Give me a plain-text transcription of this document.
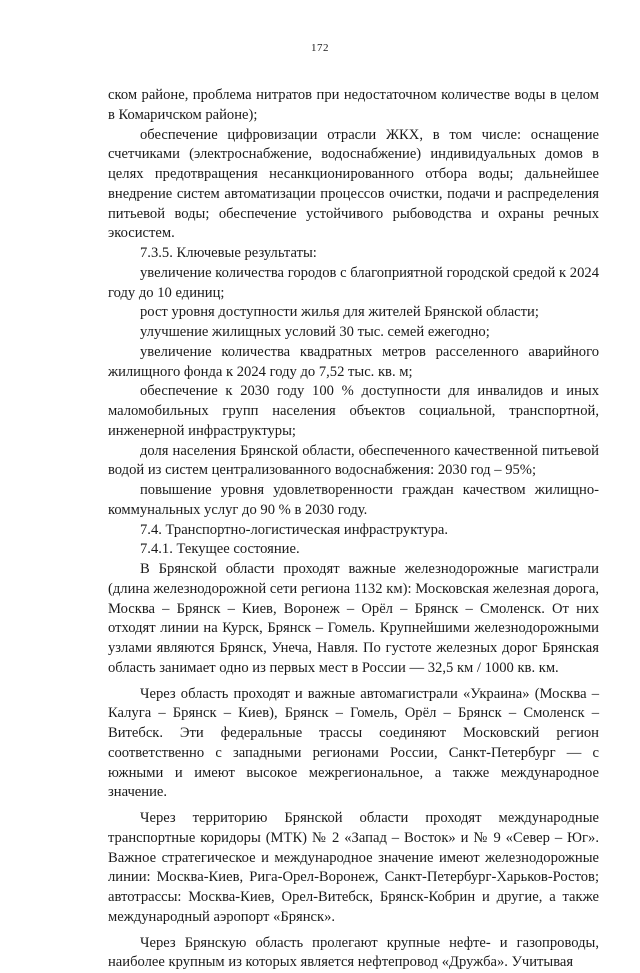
172

ском районе, проблема нитратов при недостаточном количестве воды в целом в Комаричском районе);

обеспечение цифровизации отрасли ЖКХ, в том числе: оснащение счетчиками (электроснабжение, водоснабжение) индивидуальных домов в целях предотвращения несанкционированного отбора воды; дальнейшее внедрение систем автоматизации процессов очистки, подачи и распределения питьевой воды; обеспечение устойчивого рыбоводства и охраны речных экосистем.

7.3.5. Ключевые результаты:

увеличение количества городов с благоприятной городской средой к 2024 году до 10 единиц;

рост уровня доступности жилья для жителей Брянской области;

улучшение жилищных условий 30 тыс. семей ежегодно;

увеличение количества квадратных метров расселенного аварийного жилищного фонда к 2024 году до 7,52 тыс. кв. м;

обеспечение к 2030 году 100 % доступности для инвалидов и иных маломобильных групп населения объектов социальной, транспортной, инженерной инфраструктуры;

доля населения Брянской области, обеспеченного качественной питьевой водой из систем централизованного водоснабжения: 2030 год – 95%;

повышение уровня удовлетворенности граждан качеством жилищно-коммунальных услуг до 90 % в 2030 году.

7.4. Транспортно-логистическая инфраструктура.

7.4.1. Текущее состояние.

В Брянской области проходят важные железнодорожные магистрали (длина железнодорожной сети региона 1132 км): Московская железная дорога, Москва – Брянск – Киев, Воронеж – Орёл – Брянск – Смоленск. От них отходят линии на Курск, Брянск – Гомель. Крупнейшими железнодорожными узлами являются Брянск, Унеча, Навля. По густоте железных дорог Брянская область занимает одно из первых мест в России — 32,5 км / 1000 кв. км.

Через область проходят и важные автомагистрали «Украина» (Москва – Калуга – Брянск – Киев), Брянск – Гомель, Орёл – Брянск – Смоленск – Витебск. Эти федеральные трассы соединяют Московский регион соответственно с западными регионами России, Санкт-Петербург — с южными и имеют высокое межрегиональное, а также международное значение.

Через территорию Брянской области проходят международные транспортные коридоры (МТК) № 2 «Запад – Восток» и № 9 «Север – Юг». Важное стратегическое и международное значение имеют железнодорожные линии: Москва-Киев, Рига-Орел-Воронеж, Санкт-Петербург-Харьков-Ростов; автотрассы: Москва-Киев, Орел-Витебск, Брянск-Кобрин и другие, а также международный аэропорт «Брянск».

Через Брянскую область пролегают крупные нефте- и газопроводы, наиболее крупным из которых является нефтепровод «Дружба». Учитывая
